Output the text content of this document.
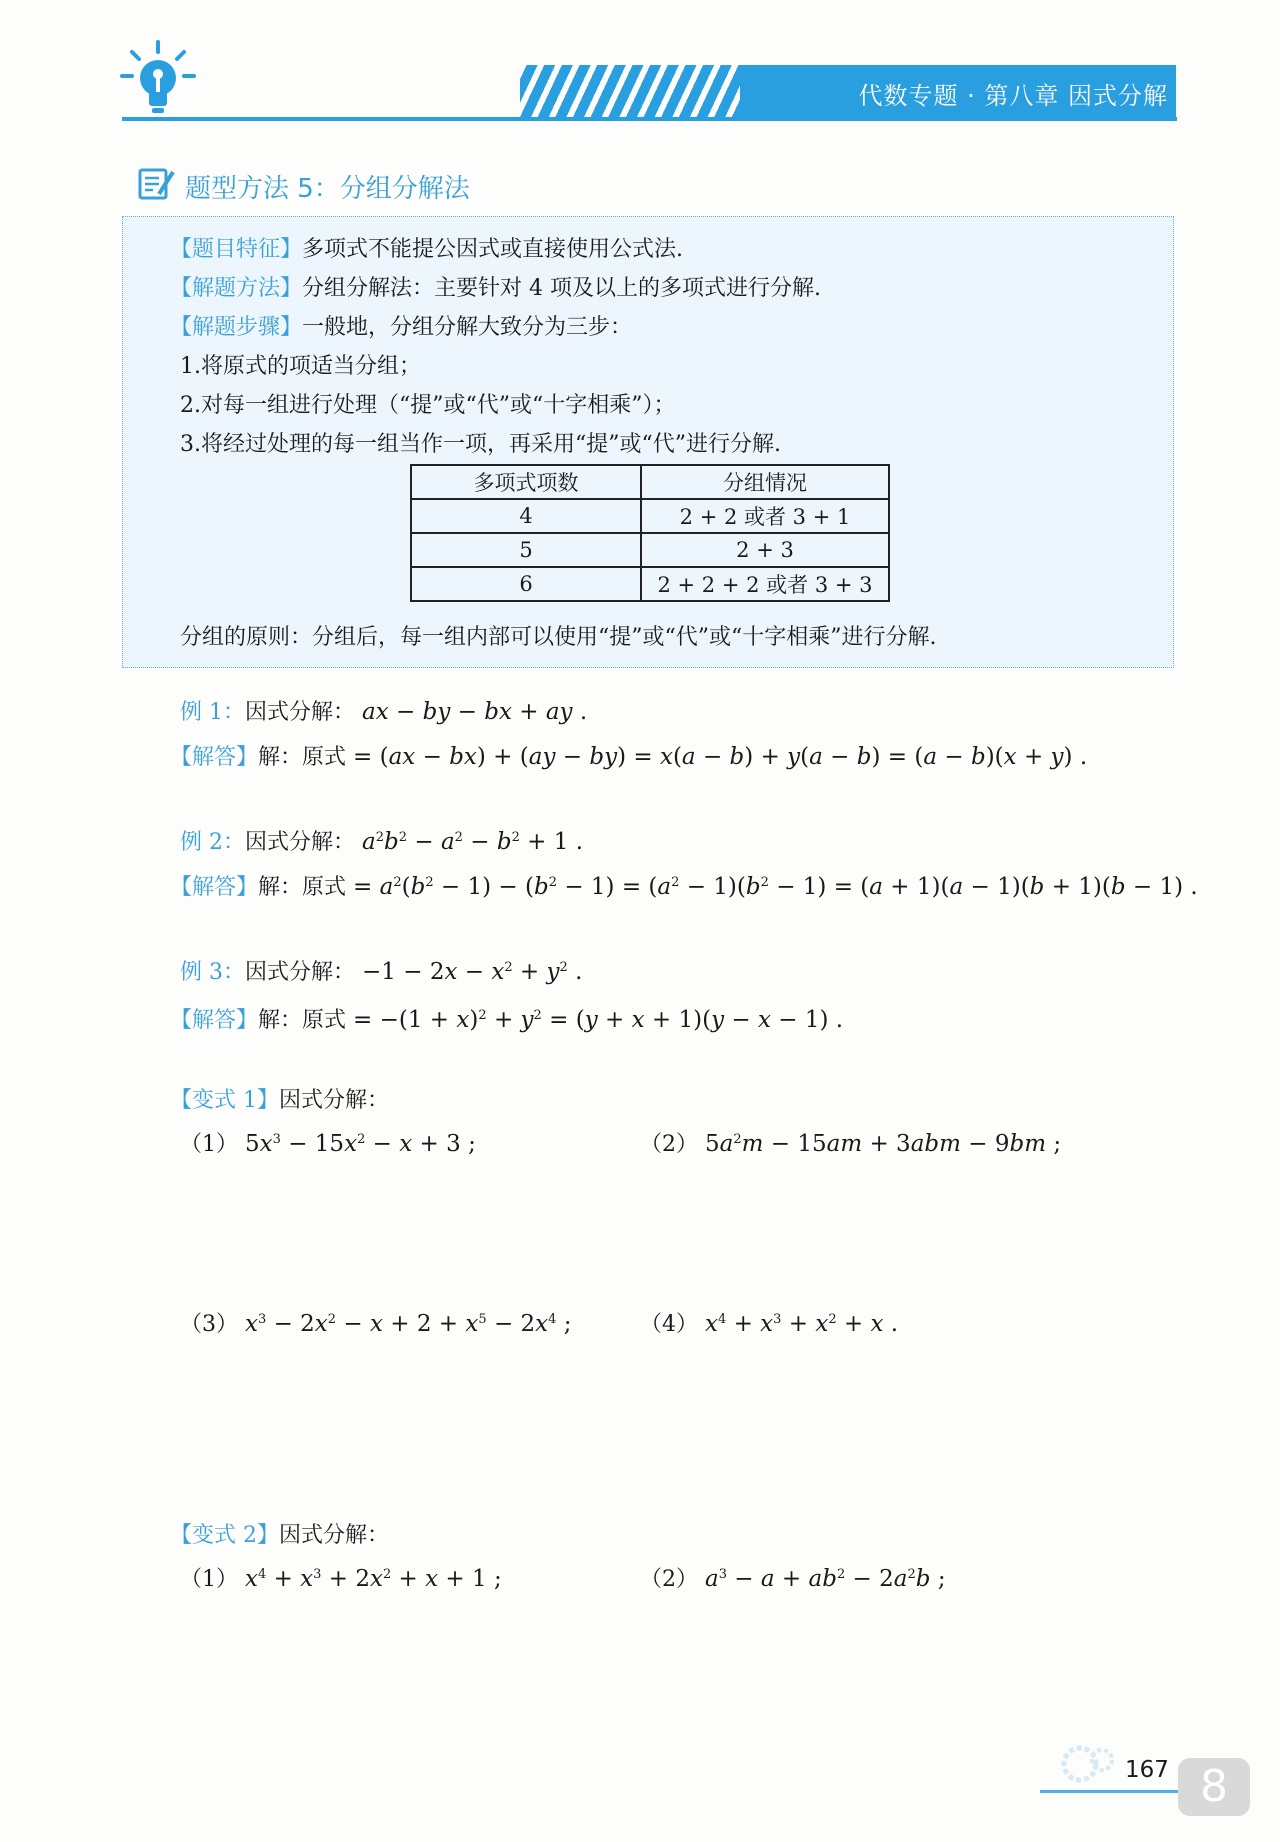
代数专题 · 第八章 因式分解
题型方法 5：分组分解法
【题目特征】多项式不能提公因式或直接使用公式法.
【解题方法】分组分解法：主要针对 4 项及以上的多项式进行分解.
【解题步骤】一般地，分组分解大致分为三步：
1.将原式的项适当分组；
2.对每一组进行处理（“提”或“代”或“十字相乘”）；
3.将经过处理的每一组当作一项，再采用“提”或“代”进行分解.
多项式项数	分组情况
4	2 + 2 或者 3 + 1
5	2 + 3
6	2 + 2 + 2 或者 3 + 3
分组的原则：分组后，每一组内部可以使用“提”或“代”或“十字相乘”进行分解.
例 1：因式分解： ax − by − bx + ay .
【解答】解：原式 = (ax − bx) + (ay − by) = x(a − b) + y(a − b) = (a − b)(x + y) .
例 2：因式分解： $a^2b^2 - a^2 - b^2 + 1$ .
【解答】解：原式 = $a^2(b^2 - 1) - (b^2 - 1) = (a^2 - 1)(b^2 - 1) = (a + 1)(a - 1)(b + 1)(b - 1)$ .
例 3：因式分解： $-1 - 2x - x^2 + y^2$ .
【解答】解：原式 = $-(1 + x)^2 + y^2 = (y + x + 1)(y - x - 1)$ .
【变式 1】因式分解：
（1） $5x^3 - 15x^2 - x + 3$ ;	（2） $5a^2m - 15am + 3abm - 9bm$ ;
（3） $x^3 - 2x^2 - x + 2 + x^5 - 2x^4$ ;	（4） $x^4 + x^3 + x^2 + x$ .
【变式 2】因式分解：
（1） $x^4 + x^3 + 2x^2 + x + 1$ ;	（2） $a^3 - a + ab^2 - 2a^2b$ ;
167 8
